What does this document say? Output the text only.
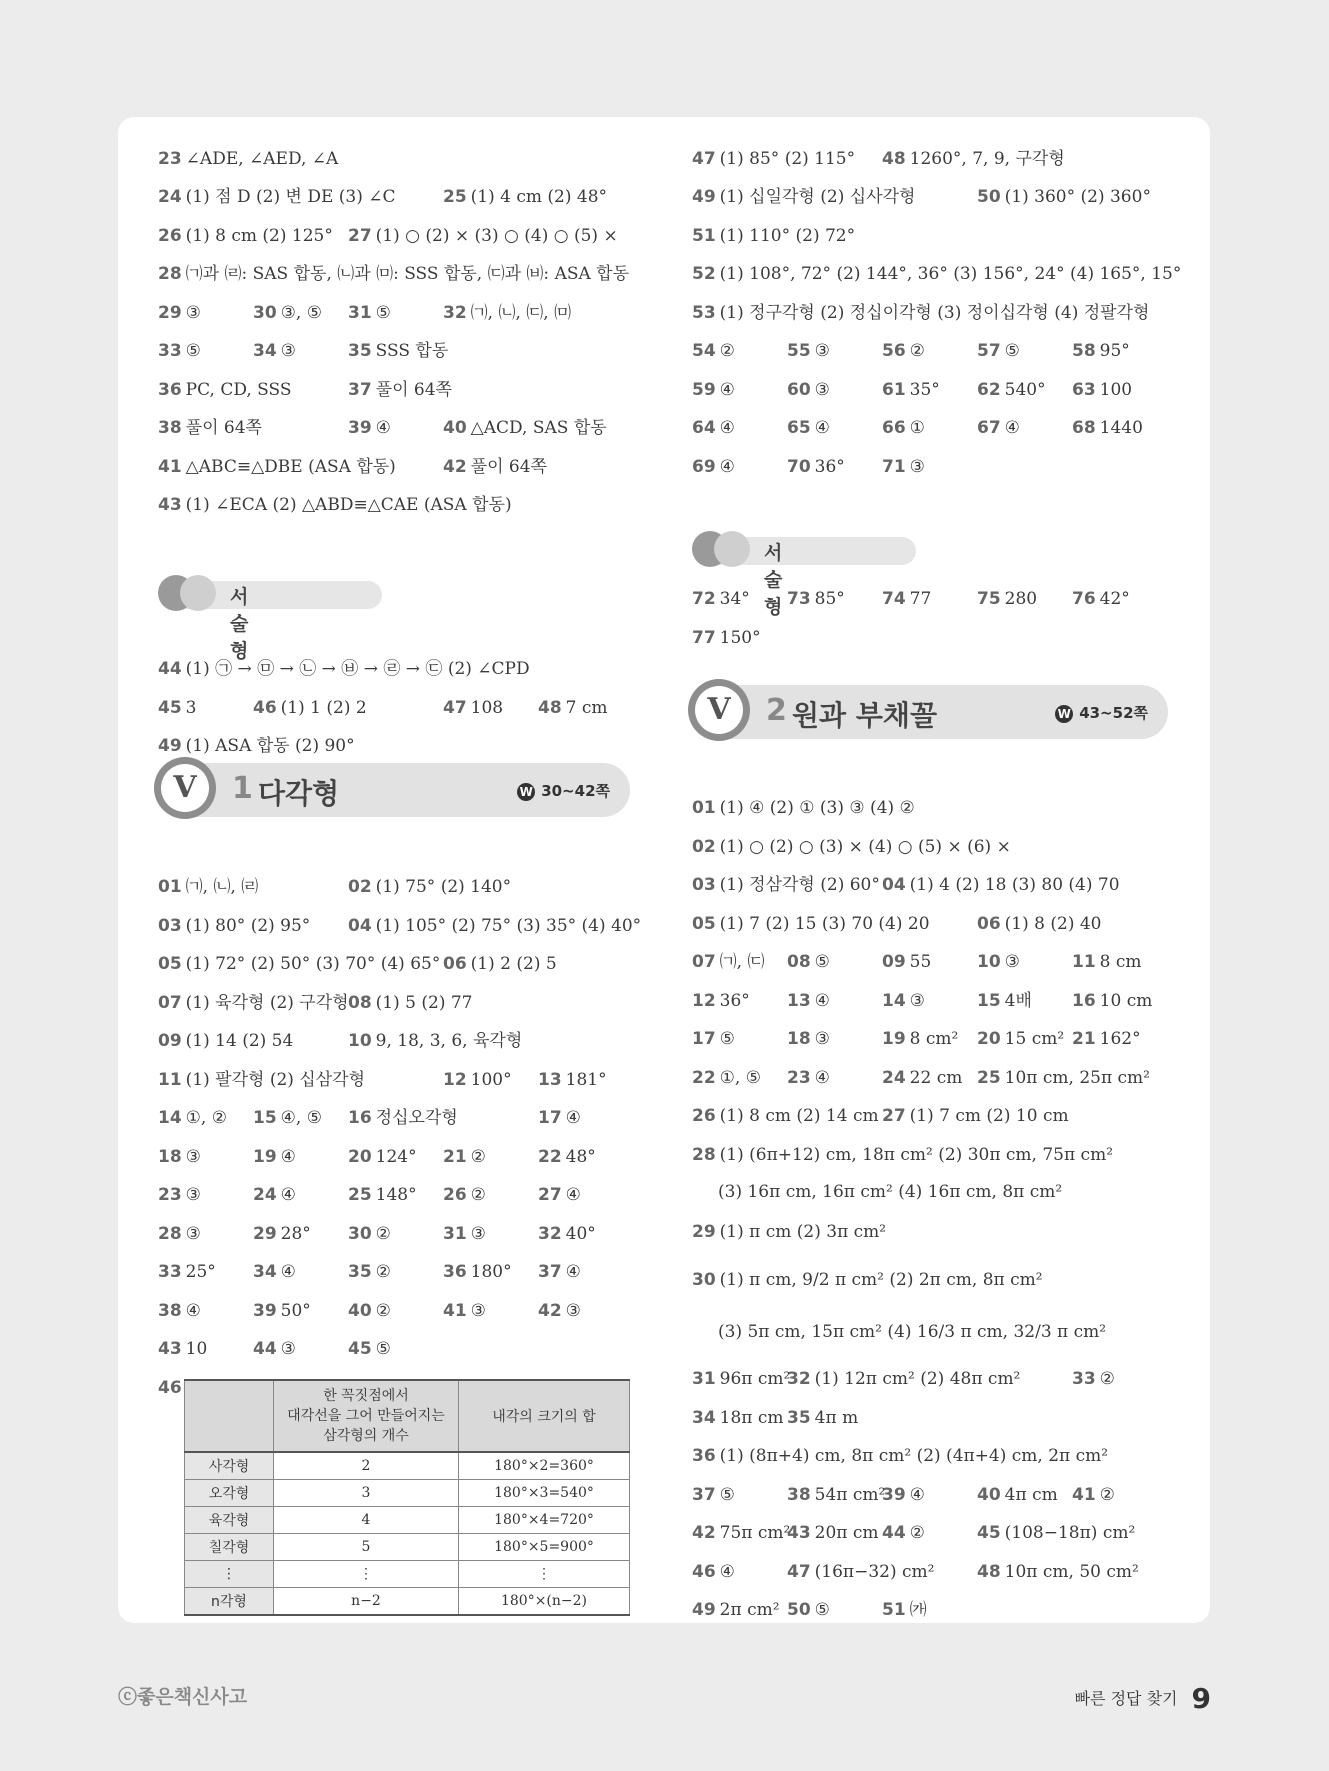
서술형
V	1 다각형	W 30~42쪽
	한 꼭짓점에서
대각선을 그어 만들어지는
삼각형의 개수	내각의 크기의 합
사각형	2	180°×2=360°
오각형	3	180°×3=540°
육각형	4	180°×4=720°
칠각형	5	180°×5=900°
⋮	⋮	⋮
n각형	n−2	180°×(n−2)
23 ∠ADE, ∠AED, ∠A
24 (1) 점 D (2) 변 DE (3) ∠C	25 (1) 4 cm (2) 48°
26 (1) 8 cm (2) 125° 27 (1) ○ (2) × (3) ○ (4) ○ (5) ×
28 ㈀과 ㈃: SAS 합동, ㈁과 ㈄: SSS 합동, ㈂과 ㈅: ASA 합동
29 ③	30 ③, ⑤ 31 ⑤	32 ㈀, ㈁, ㈂, ㈄
33 ⑤	34 ③	35 SSS 합동
36 PC, CD, SSS	37 풀이 64쪽
38 풀이 64쪽	39 ④	40 △ACD, SAS 합동
41 △ABC≡△DBE (ASA 합동)	42 풀이 64쪽
43 (1) ∠ECA (2) △ABD≡△CAE (ASA 합동)
44 (1) ㉠ → ㉤ → ㉡ → ㉥ → ㉣ → ㉢ (2) ∠CPD
45 3	46 (1) 1 (2) 2	47 108 48 7 cm
49 (1) ASA 합동 (2) 90°
01 ㈀, ㈁, ㈃	02 (1) 75° (2) 140°
03 (1) 80° (2) 95° 04 (1) 105° (2) 75° (3) 35° (4) 40°
05 (1) 72° (2) 50° (3) 70° (4) 65° 06 (1) 2 (2) 5
07 (1) 육각형 (2) 구각형 08 (1) 5 (2) 77
09 (1) 14 (2) 54	10 9, 18, 3, 6, 육각형
11 (1) 팔각형 (2) 십삼각형	12 100° 13 181°
14 ①, ② 15 ④, ⑤ 16 정십오각형	17 ④
18 ③	19 ④	20 124° 21 ②	22 48°
23 ③	24 ④	25 148° 26 ②	27 ④
28 ③	29 28° 30 ②	31 ③	32 40°
33 25° 34 ④	35 ②	36 180° 37 ④
38 ④	39 50° 40 ②	41 ③	42 ③
43 10	44 ③	45 ⑤
46
서술형
V	2 원과 부채꼴	W 43~52쪽
47 (1) 85° (2) 115° 48 1260°, 7, 9, 구각형
49 (1) 십일각형 (2) 십사각형	50 (1) 360° (2) 360°
51 (1) 110° (2) 72°
52 (1) 108°, 72° (2) 144°, 36° (3) 156°, 24° (4) 165°, 15°
53 (1) 정구각형 (2) 정십이각형 (3) 정이십각형 (4) 정팔각형
54 ②	55 ③	56 ②	57 ⑤	58 95°
59 ④	60 ③	61 35° 62 540° 63 100
64 ④	65 ④	66 ①	67 ④	68 1440
69 ④	70 36° 71 ③
72 34° 73 85° 74 77	75 280 76 42°
77 150°
01 (1) ④ (2) ① (3) ③ (4) ②
02 (1) ○ (2) ○ (3) × (4) ○ (5) × (6) ×
03 (1) 정삼각형 (2) 60° 04 (1) 4 (2) 18 (3) 80 (4) 70
05 (1) 7 (2) 15 (3) 70 (4) 20	06 (1) 8 (2) 40
07 ㈀, ㈂ 08 ⑤	09 55	10 ③	11 8 cm
12 36° 13 ④	14 ③	15 4배 16 10 cm
17 ⑤	18 ③	19 8 cm² 20 15 cm² 21 162°
22 ①, ⑤ 23 ④	24 22 cm 25 10π cm, 25π cm²
26 (1) 8 cm (2) 14 cm 27 (1) 7 cm (2) 10 cm
28 (1) (6π+12) cm, 18π cm² (2) 30π cm, 75π cm²
(3) 16π cm, 16π cm² (4) 16π cm, 8π cm²
29 (1) π cm (2) 3π cm²
30 (1) π cm, 9/2 π cm² (2) 2π cm, 8π cm²
(3) 5π cm, 15π cm² (4) 16/3 π cm, 32/3 π cm²
31 96π cm²
32 (1) 12π cm² (2) 48π cm²	33 ②
34 18π cm 35 4π m
36 (1) (8π+4) cm, 8π cm² (2) (4π+4) cm, 2π cm²
37 ⑤	38 54π cm²
39 ④	40 4π cm 41 ②
42 75π cm²
43 20π cm 44 ②	45 (108−18π) cm²
46 ④	47 (16π−32) cm²	48 10π cm, 50 cm²
49 2π cm² 50 ⑤	51 ㈎
ⓒ좋은책신사고	빠른 정답 찾기 9
